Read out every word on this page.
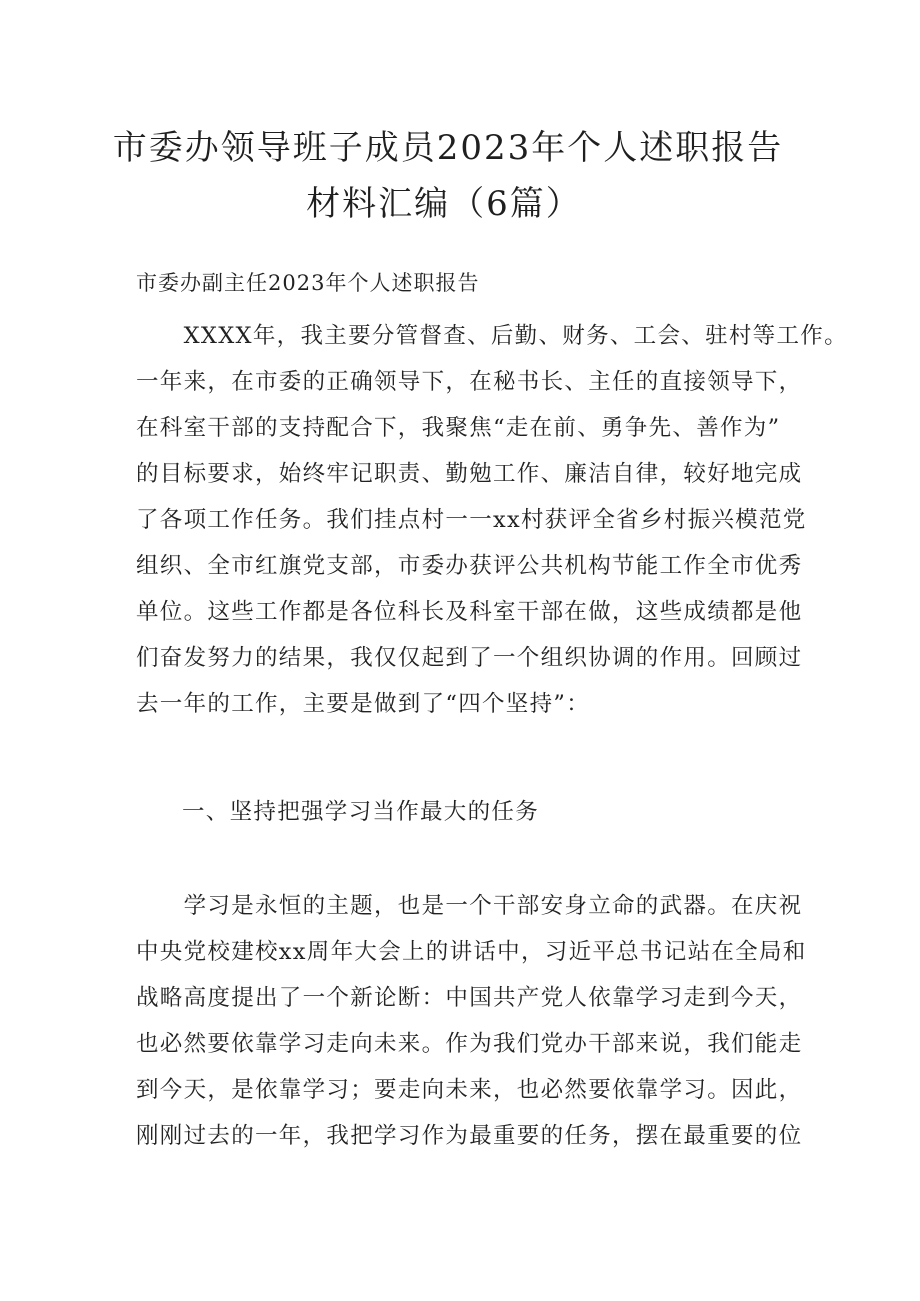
市委办领导班子成员2023年个人述职报告
材料汇编（6篇）
市委办副主任2023年个人述职报告
　　XXXX年，我主要分管督查、后勤、财务、工会、驻村等工作。
一年来，在市委的正确领导下，在秘书长、主任的直接领导下，
在科室干部的支持配合下，我聚焦“走在前、勇争先、善作为”
的目标要求，始终牢记职责、勤勉工作、廉洁自律，较好地完成
了各项工作任务。我们挂点村一一xx村获评全省乡村振兴模范党
组织、全市红旗党支部，市委办获评公共机构节能工作全市优秀
单位。这些工作都是各位科长及科室干部在做，这些成绩都是他
们奋发努力的结果，我仅仅起到了一个组织协调的作用。回顾过
去一年的工作，主要是做到了“四个坚持”：
一、坚持把强学习当作最大的任务
　　学习是永恒的主题，也是一个干部安身立命的武器。在庆祝
中央党校建校xx周年大会上的讲话中，习近平总书记站在全局和
战略高度提出了一个新论断：中国共产党人依靠学习走到今天，
也必然要依靠学习走向未来。作为我们党办干部来说，我们能走
到今天，是依靠学习；要走向未来，也必然要依靠学习。因此，
刚刚过去的一年，我把学习作为最重要的任务，摆在最重要的位
